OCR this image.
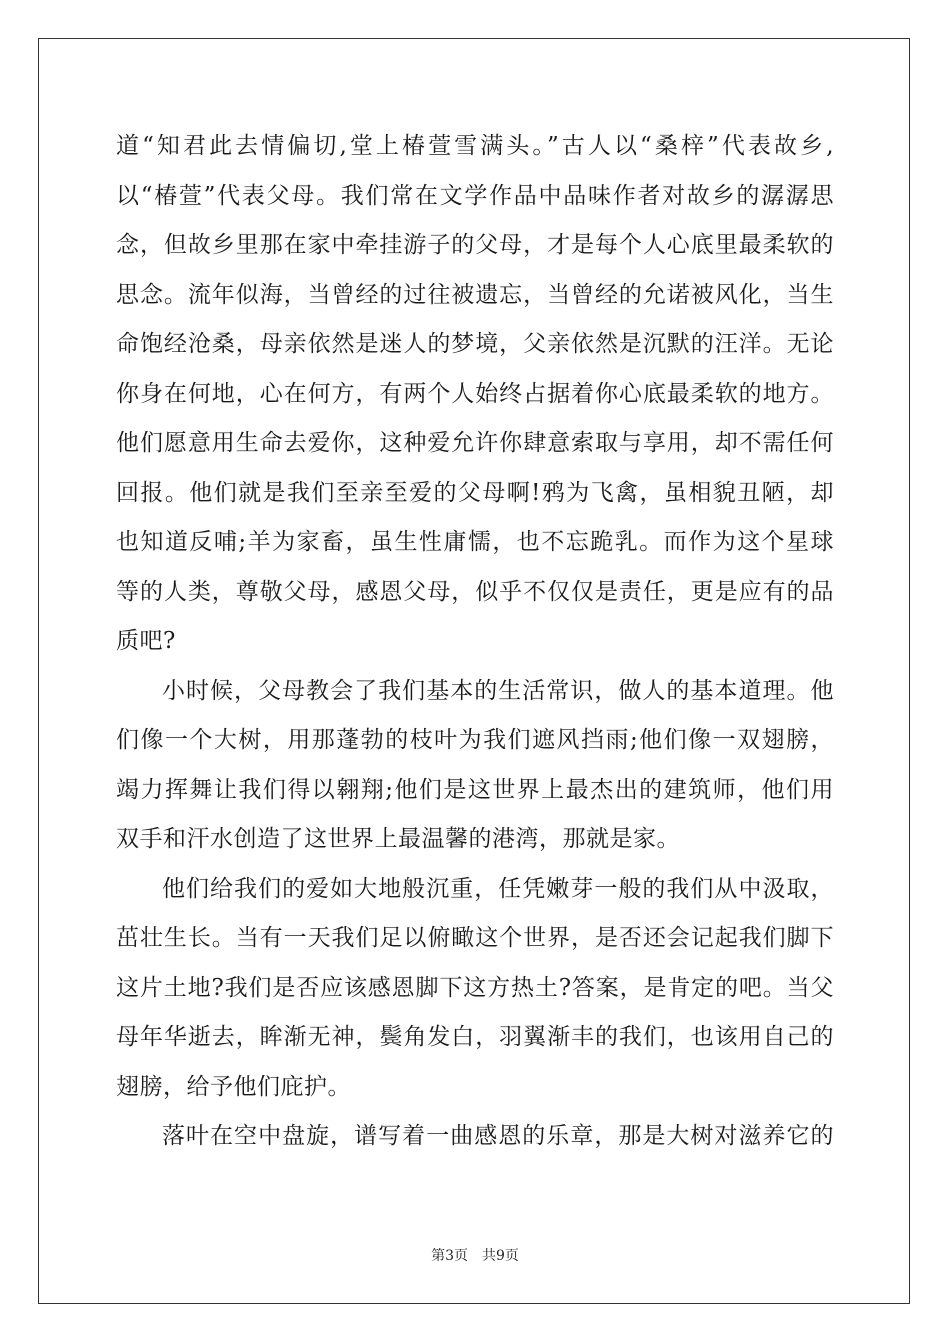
道“知君此去情偏切,堂上椿萱雪满头。”古人以“桑梓”代表故乡,
以“椿萱”代表父母。我们常在文学作品中品味作者对故乡的潺潺思
念，但故乡里那在家中牵挂游子的父母，才是每个人心底里最柔软的
思念。流年似海，当曾经的过往被遗忘，当曾经的允诺被风化，当生
命饱经沧桑，母亲依然是迷人的梦境，父亲依然是沉默的汪洋。无论
你身在何地，心在何方，有两个人始终占据着你心底最柔软的地方。
他们愿意用生命去爱你，这种爱允许你肆意索取与享用，却不需任何
回报。他们就是我们至亲至爱的父母啊!鸦为飞禽，虽相貌丑陋，却
也知道反哺;羊为家畜，虽生性庸懦，也不忘跪乳。而作为这个星球
等的人类，尊敬父母，感恩父母，似乎不仅仅是责任，更是应有的品
质吧?
小时候，父母教会了我们基本的生活常识，做人的基本道理。他
们像一个大树，用那蓬勃的枝叶为我们遮风挡雨;他们像一双翅膀，
竭力挥舞让我们得以翱翔;他们是这世界上最杰出的建筑师，他们用
双手和汗水创造了这世界上最温馨的港湾，那就是家。
他们给我们的爱如大地般沉重，任凭嫩芽一般的我们从中汲取，
茁壮生长。当有一天我们足以俯瞰这个世界，是否还会记起我们脚下
这片土地?我们是否应该感恩脚下这方热土?答案，是肯定的吧。当父
母年华逝去，眸渐无神，鬓角发白，羽翼渐丰的我们，也该用自己的
翅膀，给予他们庇护。
落叶在空中盘旋，谱写着一曲感恩的乐章，那是大树对滋养它的
第3页 共9页
